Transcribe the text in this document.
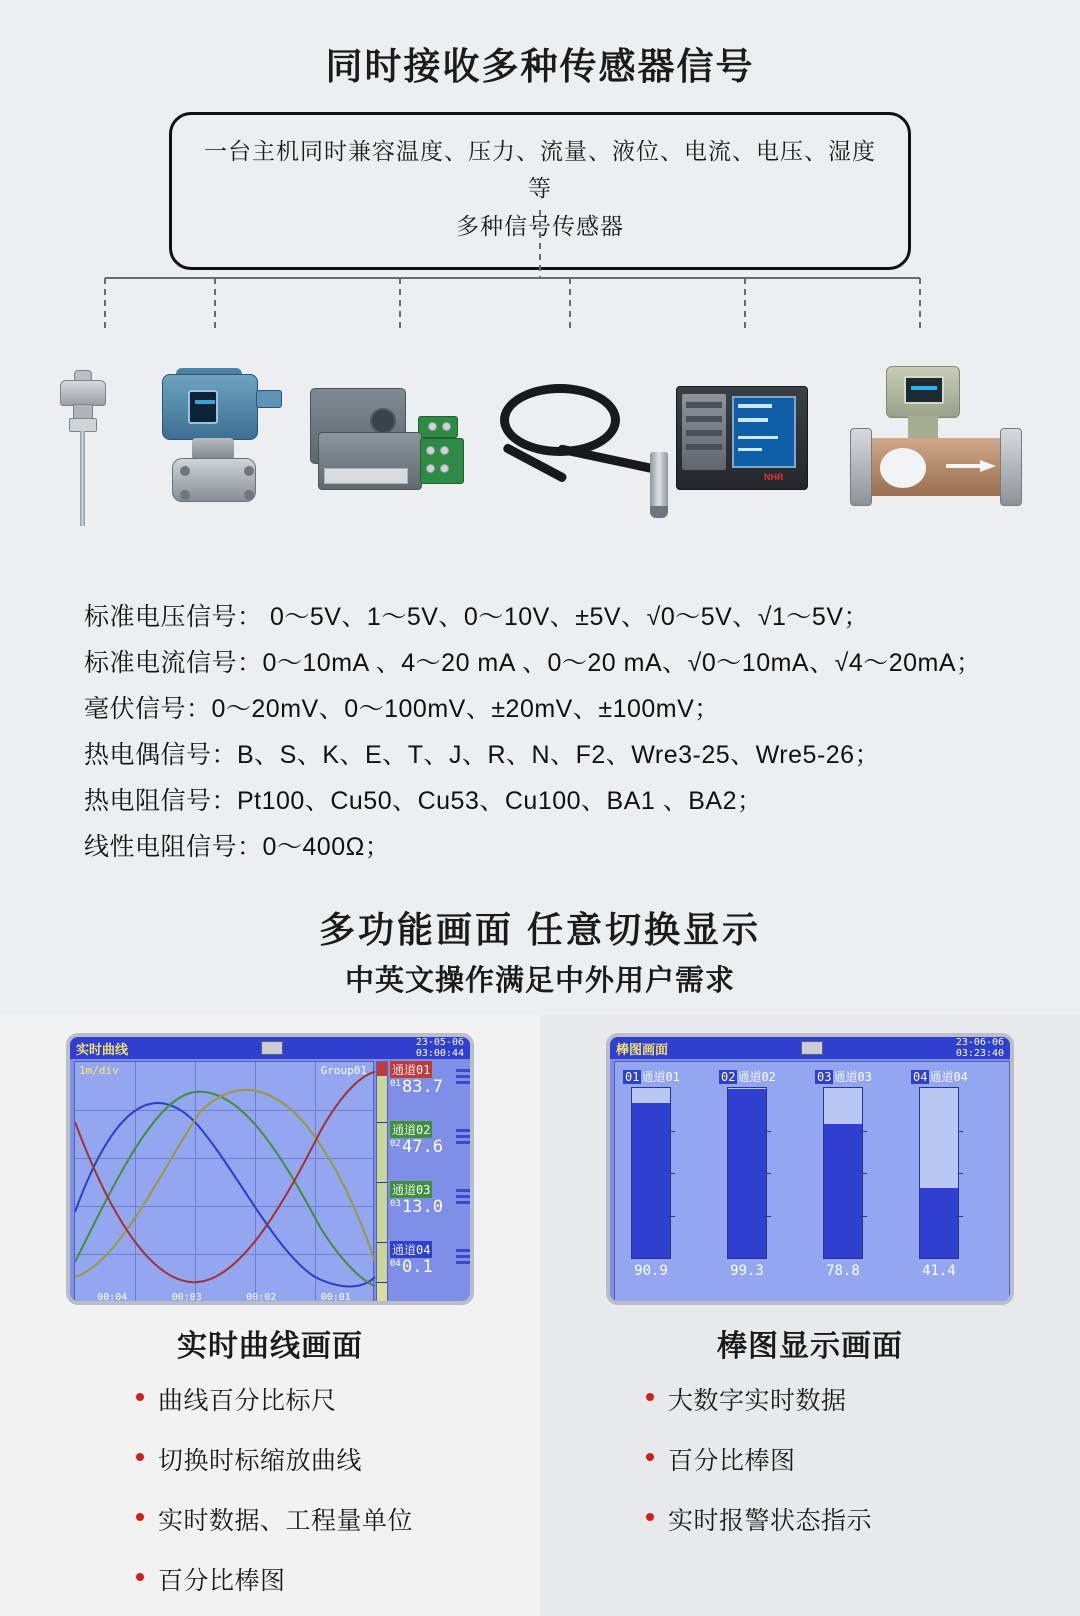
同时接收多种传感器信号
一台主机同时兼容温度、压力、流量、液位、电流、电压、湿度等
多种信号传感器
NHR
标准电压信号： 0～5V、1～5V、0～10V、±5V、√0～5V、√1～5V；
标准电流信号：0～10mA 、4～20 mA 、0～20 mA、√0～10mA、√4～20mA；
毫伏信号：0～20mV、0～100mV、±20mV、±100mV；
热电偶信号：B、S、K、E、T、J、R、N、F2、Wre3-25、Wre5-26；
热电阻信号：Pt100、Cu50、Cu53、Cu100、BA1 、BA2；
线性电阻信号：0～400Ω；
多功能画面 任意切换显示
中英文操作满足中外用户需求
实时曲线	23-05-06
03:00:44
1m/div	Group01
00:04	00:03	00:02	00:01
通道01
01 83.7
通道02
02 47.6
通道03
03 13.0
通道04
04 0.1
实时曲线画面
曲线百分比标尺
切换时标缩放曲线
实时数据、工程量单位
百分比棒图
棒图画面	23-06-06
03:23:40
01 通道01
90.9
02 通道02
99.3
03 通道03
78.8
04 通道04
41.4
棒图显示画面
大数字实时数据
百分比棒图
实时报警状态指示
